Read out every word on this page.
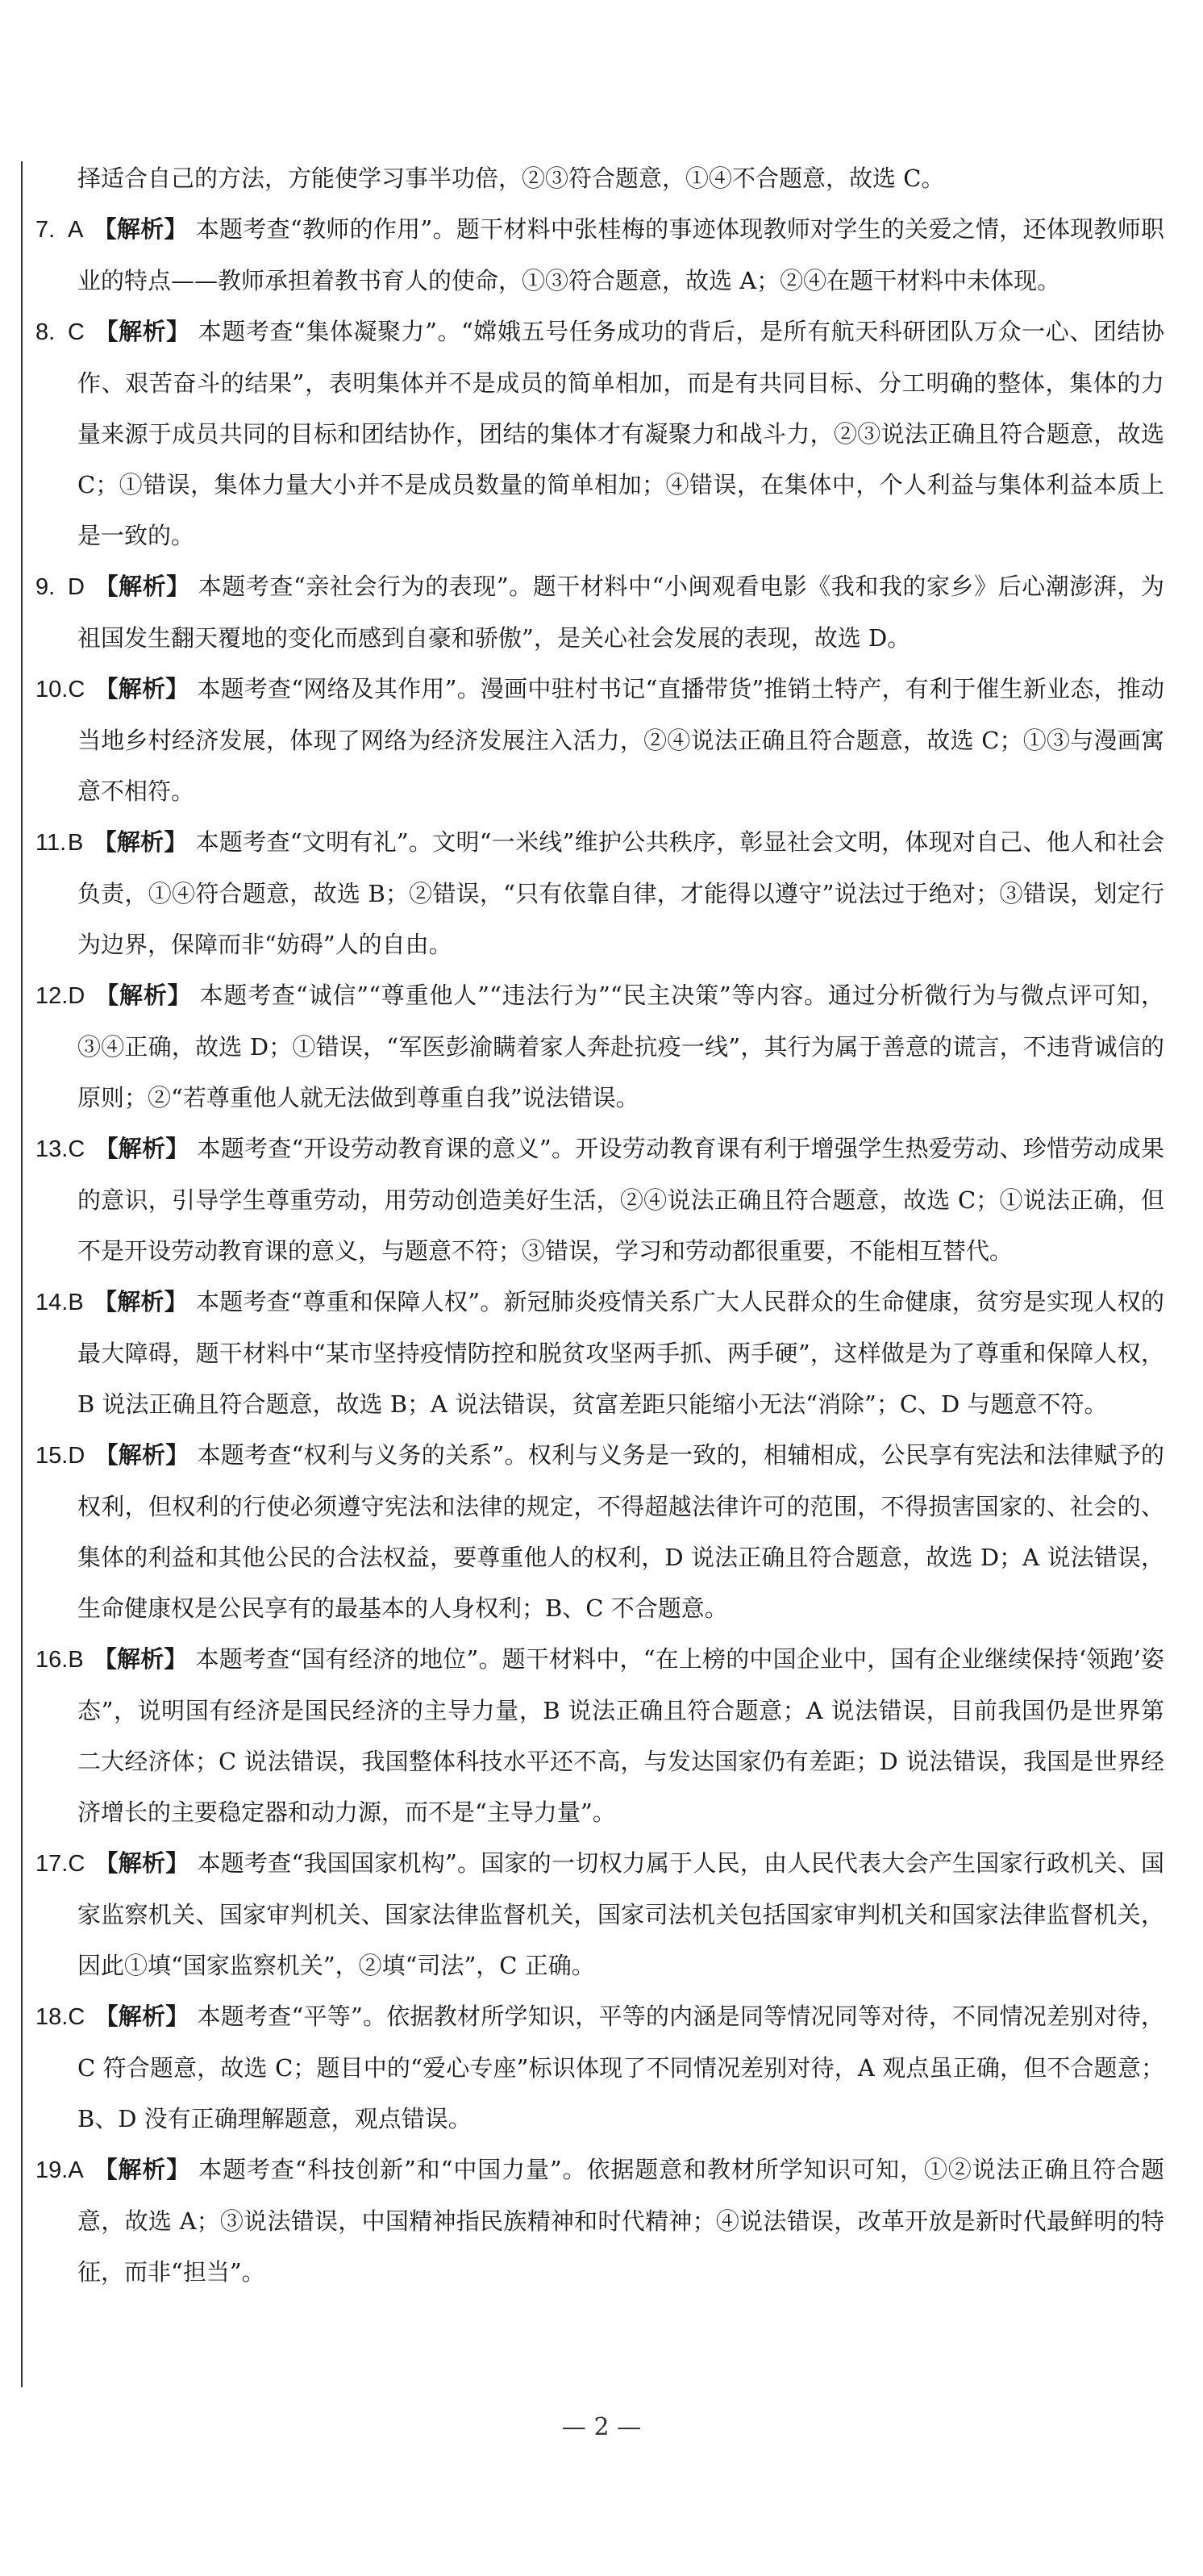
择适合自己的方法，方能使学习事半功倍，②③符合题意，①④不合题意，故选 C。

7. A 【解析】 本题考查“教师的作用”。题干材料中张桂梅的事迹体现教师对学生的关爱之情，还体现教师职业的特点——教师承担着教书育人的使命，①③符合题意，故选 A；②④在题干材料中未体现。

8. C 【解析】 本题考查“集体凝聚力”。“嫦娥五号任务成功的背后，是所有航天科研团队万众一心、团结协作、艰苦奋斗的结果”，表明集体并不是成员的简单相加，而是有共同目标、分工明确的整体，集体的力量来源于成员共同的目标和团结协作，团结的集体才有凝聚力和战斗力，②③说法正确且符合题意，故选 C；①错误，集体力量大小并不是成员数量的简单相加；④错误，在集体中，个人利益与集体利益本质上是一致的。

9. D 【解析】 本题考查“亲社会行为的表现”。题干材料中“小闽观看电影《我和我的家乡》后心潮澎湃，为祖国发生翻天覆地的变化而感到自豪和骄傲”，是关心社会发展的表现，故选 D。

10.C 【解析】 本题考查“网络及其作用”。漫画中驻村书记“直播带货”推销土特产，有利于催生新业态，推动当地乡村经济发展，体现了网络为经济发展注入活力，②④说法正确且符合题意，故选 C；①③与漫画寓意不相符。

11.B 【解析】 本题考查“文明有礼”。文明“一米线”维护公共秩序，彰显社会文明，体现对自己、他人和社会负责，①④符合题意，故选 B；②错误，“只有依靠自律，才能得以遵守”说法过于绝对；③错误，划定行为边界，保障而非“妨碍”人的自由。

12.D 【解析】 本题考查“诚信”“尊重他人”“违法行为”“民主决策”等内容。通过分析微行为与微点评可知，③④正确，故选 D；①错误，“军医彭渝瞒着家人奔赴抗疫一线”，其行为属于善意的谎言，不违背诚信的原则；②“若尊重他人就无法做到尊重自我”说法错误。

13.C 【解析】 本题考查“开设劳动教育课的意义”。开设劳动教育课有利于增强学生热爱劳动、珍惜劳动成果的意识，引导学生尊重劳动，用劳动创造美好生活，②④说法正确且符合题意，故选 C；①说法正确，但不是开设劳动教育课的意义，与题意不符；③错误，学习和劳动都很重要，不能相互替代。

14.B 【解析】 本题考查“尊重和保障人权”。新冠肺炎疫情关系广大人民群众的生命健康，贫穷是实现人权的最大障碍，题干材料中“某市坚持疫情防控和脱贫攻坚两手抓、两手硬”，这样做是为了尊重和保障人权，B 说法正确且符合题意，故选 B；A 说法错误，贫富差距只能缩小无法“消除”；C、D 与题意不符。

15.D 【解析】 本题考查“权利与义务的关系”。权利与义务是一致的，相辅相成，公民享有宪法和法律赋予的权利，但权利的行使必须遵守宪法和法律的规定，不得超越法律许可的范围，不得损害国家的、社会的、集体的利益和其他公民的合法权益，要尊重他人的权利，D 说法正确且符合题意，故选 D；A 说法错误，生命健康权是公民享有的最基本的人身权利；B、C 不合题意。

16.B 【解析】 本题考查“国有经济的地位”。题干材料中，“在上榜的中国企业中，国有企业继续保持‘领跑’姿态”，说明国有经济是国民经济的主导力量，B 说法正确且符合题意；A 说法错误，目前我国仍是世界第二大经济体；C 说法错误，我国整体科技水平还不高，与发达国家仍有差距；D 说法错误，我国是世界经济增长的主要稳定器和动力源，而不是“主导力量”。

17.C 【解析】 本题考查“我国国家机构”。国家的一切权力属于人民，由人民代表大会产生国家行政机关、国家监察机关、国家审判机关、国家法律监督机关，国家司法机关包括国家审判机关和国家法律监督机关，因此①填“国家监察机关”，②填“司法”，C 正确。

18.C 【解析】 本题考查“平等”。依据教材所学知识，平等的内涵是同等情况同等对待，不同情况差别对待，C 符合题意，故选 C；题目中的“爱心专座”标识体现了不同情况差别对待，A 观点虽正确，但不合题意；B、D 没有正确理解题意，观点错误。

19.A 【解析】 本题考查“科技创新”和“中国力量”。依据题意和教材所学知识可知，①②说法正确且符合题意，故选 A；③说法错误，中国精神指民族精神和时代精神；④说法错误，改革开放是新时代最鲜明的特征，而非“担当”。

— 2 —
